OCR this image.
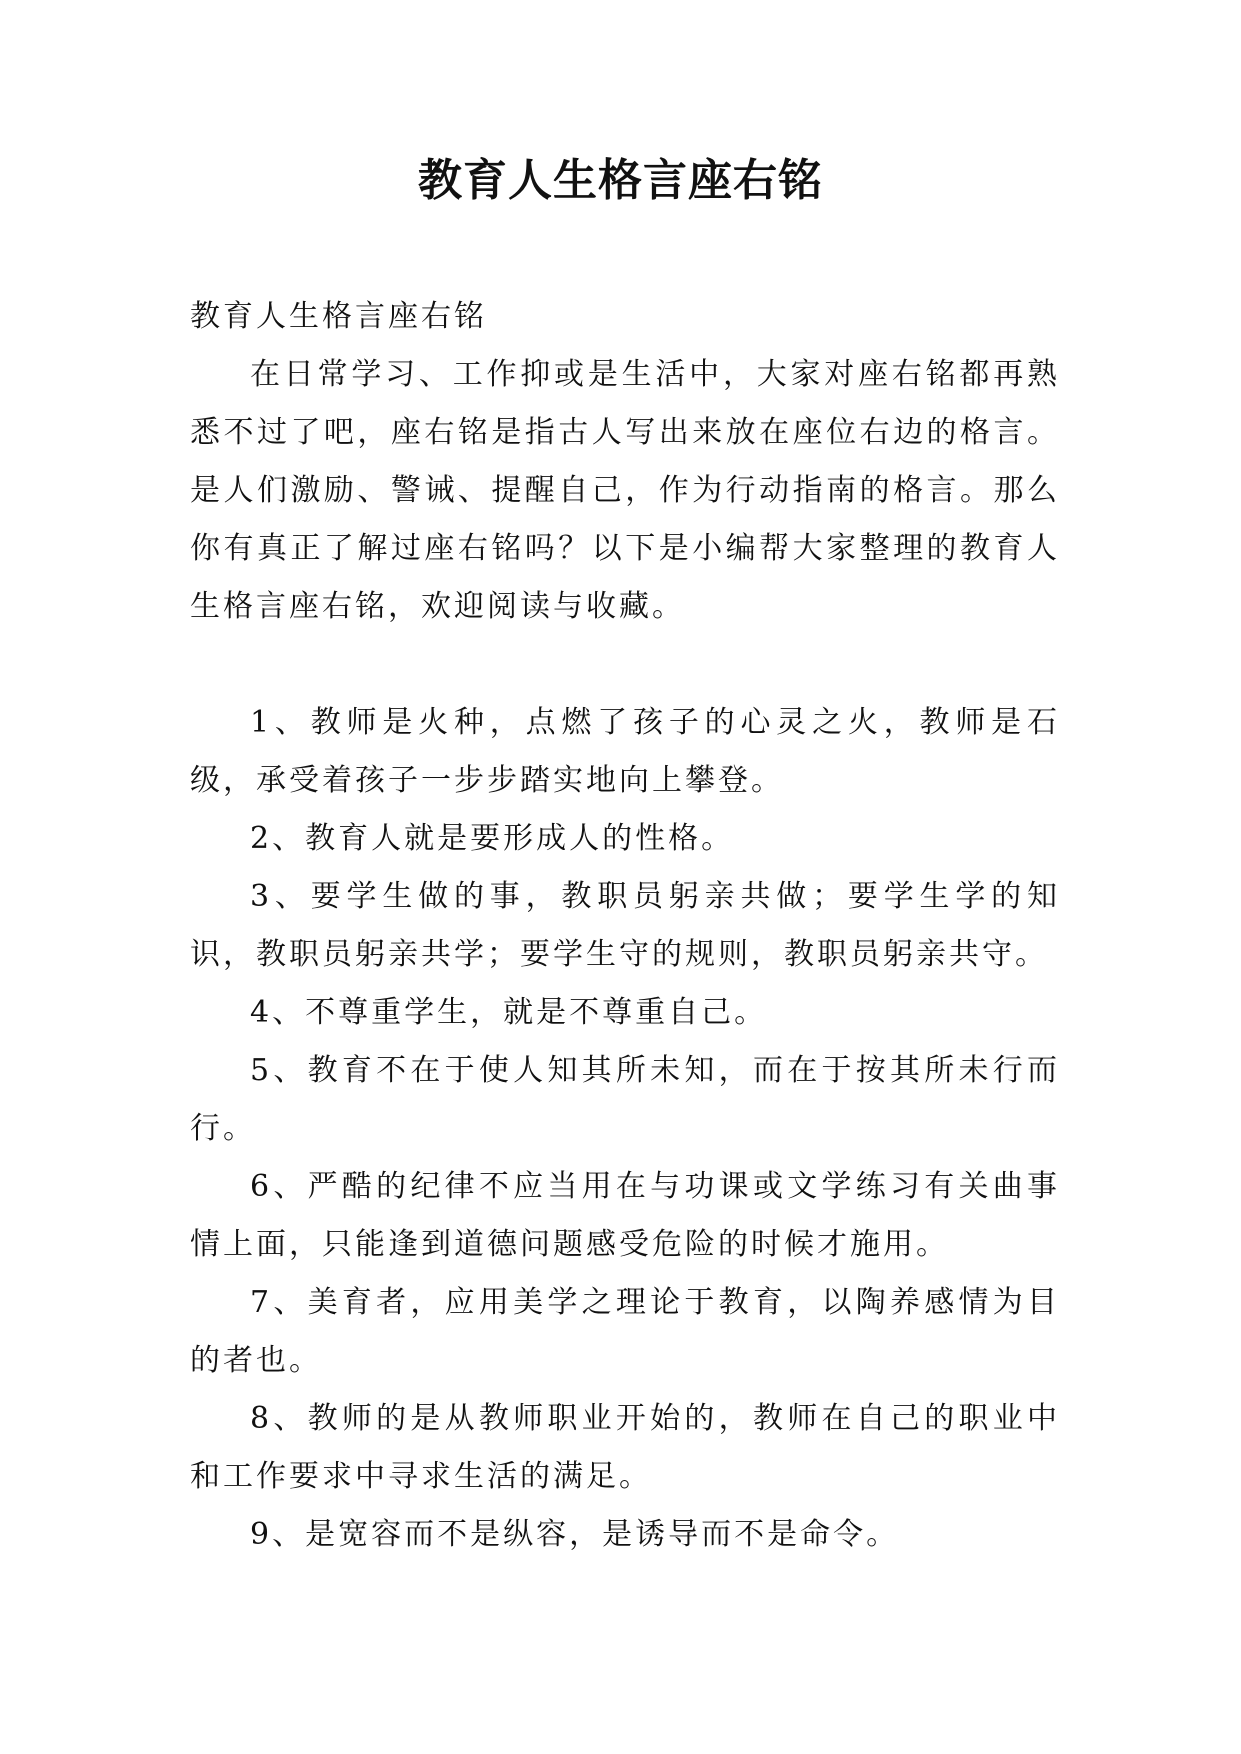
教育人生格言座右铭

教育人生格言座右铭

在日常学习、工作抑或是生活中，大家对座右铭都再熟悉不过了吧，座右铭是指古人写出来放在座位右边的格言。是人们激励、警诫、提醒自己，作为行动指南的格言。那么你有真正了解过座右铭吗？以下是小编帮大家整理的教育人生格言座右铭，欢迎阅读与收藏。

1、教师是火种，点燃了孩子的心灵之火，教师是石级，承受着孩子一步步踏实地向上攀登。

2、教育人就是要形成人的性格。

3、要学生做的事，教职员躬亲共做；要学生学的知识，教职员躬亲共学；要学生守的规则，教职员躬亲共守。

4、不尊重学生，就是不尊重自己。

5、教育不在于使人知其所未知，而在于按其所未行而行。

6、严酷的纪律不应当用在与功课或文学练习有关曲事情上面，只能逢到道德问题感受危险的时候才施用。

7、美育者，应用美学之理论于教育，以陶养感情为目的者也。

8、教师的是从教师职业开始的，教师在自己的职业中和工作要求中寻求生活的满足。

9、是宽容而不是纵容，是诱导而不是命令。
